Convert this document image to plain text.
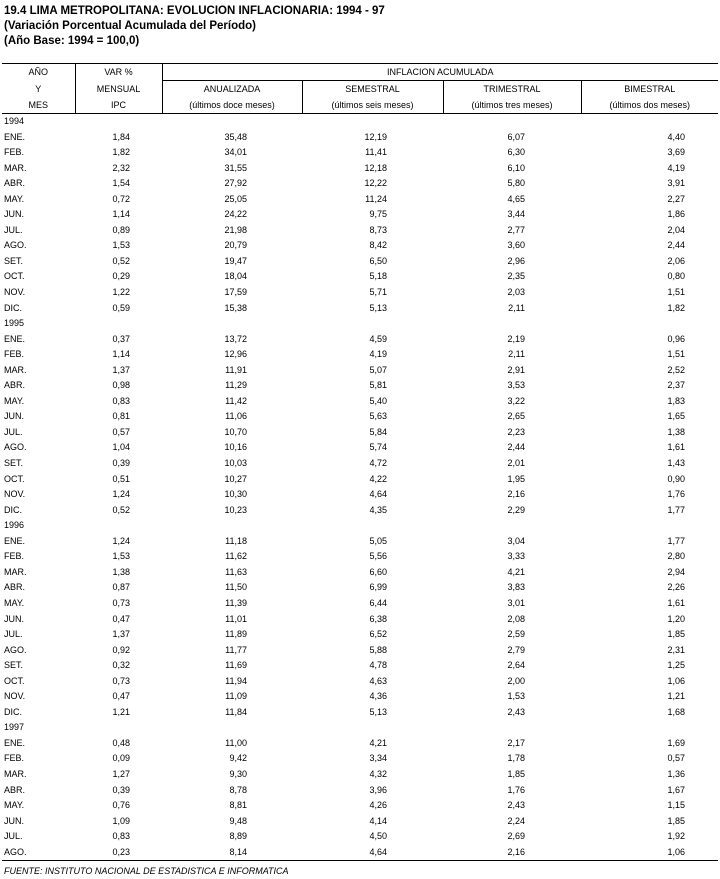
19.4 LIMA METROPOLITANA: EVOLUCION INFLACIONARIA: 1994 - 97
(Variación Porcentual Acumulada del Período)
(Año Base: 1994 = 100,0)
AÑO	VAR %	INFLACION ACUMULADA			
Y	MENSUAL	ANUALIZADA	SEMESTRAL	TRIMESTRAL	BIMESTRAL
MES	IPC	(últimos doce meses)	(últimos seis meses)	(últimos tres meses)	(últimos dos meses)
1994					
ENE.	1,84	35,48	12,19	6,07	4,40
FEB.	1,82	34,01	11,41	6,30	3,69
MAR.	2,32	31,55	12,18	6,10	4,19
ABR.	1,54	27,92	12,22	5,80	3,91
MAY.	0,72	25,05	11,24	4,65	2,27
JUN.	1,14	24,22	9,75	3,44	1,86
JUL.	0,89	21,98	8,73	2,77	2,04
AGO.	1,53	20,79	8,42	3,60	2,44
SET.	0,52	19,47	6,50	2,96	2,06
OCT.	0,29	18,04	5,18	2,35	0,80
NOV.	1,22	17,59	5,71	2,03	1,51
DIC.	0,59	15,38	5,13	2,11	1,82
1995					
ENE.	0,37	13,72	4,59	2,19	0,96
FEB.	1,14	12,96	4,19	2,11	1,51
MAR.	1,37	11,91	5,07	2,91	2,52
ABR.	0,98	11,29	5,81	3,53	2,37
MAY.	0,83	11,42	5,40	3,22	1,83
JUN.	0,81	11,06	5,63	2,65	1,65
JUL.	0,57	10,70	5,84	2,23	1,38
AGO.	1,04	10,16	5,74	2,44	1,61
SET.	0,39	10,03	4,72	2,01	1,43
OCT.	0,51	10,27	4,22	1,95	0,90
NOV.	1,24	10,30	4,64	2,16	1,76
DIC.	0,52	10,23	4,35	2,29	1,77
1996					
ENE.	1,24	11,18	5,05	3,04	1,77
FEB.	1,53	11,62	5,56	3,33	2,80
MAR.	1,38	11,63	6,60	4,21	2,94
ABR.	0,87	11,50	6,99	3,83	2,26
MAY.	0,73	11,39	6,44	3,01	1,61
JUN.	0,47	11,01	6,38	2,08	1,20
JUL.	1,37	11,89	6,52	2,59	1,85
AGO.	0,92	11,77	5,88	2,79	2,31
SET.	0,32	11,69	4,78	2,64	1,25
OCT.	0,73	11,94	4,63	2,00	1,06
NOV.	0,47	11,09	4,36	1,53	1,21
DIC.	1,21	11,84	5,13	2,43	1,68
1997					
ENE.	0,48	11,00	4,21	2,17	1,69
FEB.	0,09	9,42	3,34	1,78	0,57
MAR.	1,27	9,30	4,32	1,85	1,36
ABR.	0,39	8,78	3,96	1,76	1,67
MAY.	0,76	8,81	4,26	2,43	1,15
JUN.	1,09	9,48	4,14	2,24	1,85
JUL.	0,83	8,89	4,50	2,69	1,92
AGO.	0,23	8,14	4,64	2,16	1,06
FUENTE: INSTITUTO NACIONAL DE ESTADISTICA E INFORMATICA
